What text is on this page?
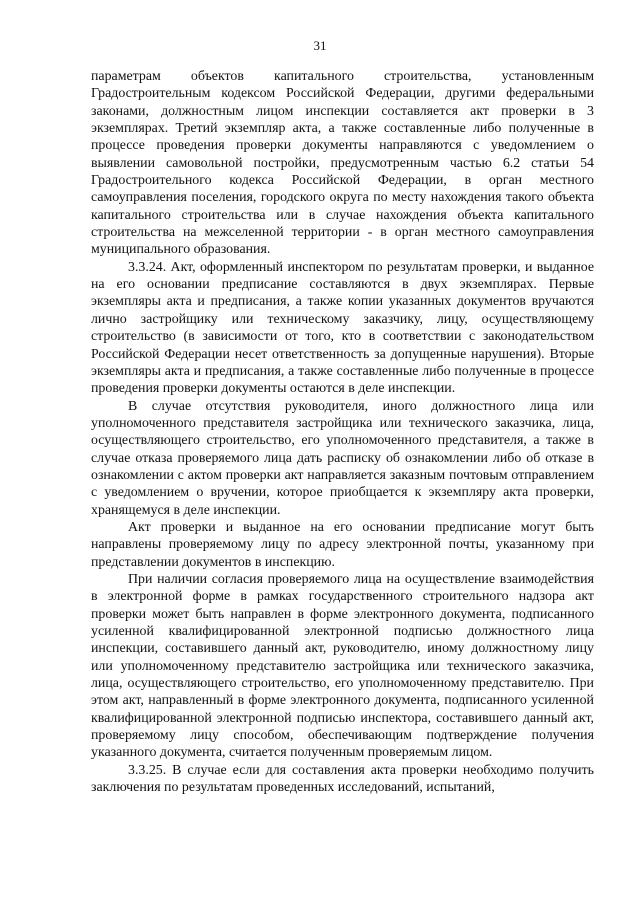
31

параметрам объектов капитального строительства, установленным Градостроительным кодексом Российской Федерации, другими федеральными законами, должностным лицом инспекции составляется акт проверки в 3 экземплярах. Третий экземпляр акта, а также составленные либо полученные в процессе проведения проверки документы направляются с уведомлением о выявлении самовольной постройки, предусмотренным частью 6.2 статьи 54 Градостроительного кодекса Российской Федерации, в орган местного самоуправления поселения, городского округа по месту нахождения такого объекта капитального строительства или в случае нахождения объекта капитального строительства на межселенной территории - в орган местного самоуправления муниципального образования.

3.3.24. Акт, оформленный инспектором по результатам проверки, и выданное на его основании предписание составляются в двух экземплярах. Первые экземпляры акта и предписания, а также копии указанных документов вручаются лично застройщику или техническому заказчику, лицу, осуществляющему строительство (в зависимости от того, кто в соответствии с законодательством Российской Федерации несет ответственность за допущенные нарушения). Вторые экземпляры акта и предписания, а также составленные либо полученные в процессе проведения проверки документы остаются в деле инспекции.

В случае отсутствия руководителя, иного должностного лица или уполномоченного представителя застройщика или технического заказчика, лица, осуществляющего строительство, его уполномоченного представителя, а также в случае отказа проверяемого лица дать расписку об ознакомлении либо об отказе в ознакомлении с актом проверки акт направляется заказным почтовым отправлением с уведомлением о вручении, которое приобщается к экземпляру акта проверки, хранящемуся в деле инспекции.

Акт проверки и выданное на его основании предписание могут быть направлены проверяемому лицу по адресу электронной почты, указанному при представлении документов в инспекцию.

При наличии согласия проверяемого лица на осуществление взаимодействия в электронной форме в рамках государственного строительного надзора акт проверки может быть направлен в форме электронного документа, подписанного усиленной квалифицированной электронной подписью должностного лица инспекции, составившего данный акт, руководителю, иному должностному лицу или уполномоченному представителю застройщика или технического заказчика, лица, осуществляющего строительство, его уполномоченному представителю. При этом акт, направленный в форме электронного документа, подписанного усиленной квалифицированной электронной подписью инспектора, составившего данный акт, проверяемому лицу способом, обеспечивающим подтверждение получения указанного документа, считается полученным проверяемым лицом.

3.3.25. В случае если для составления акта проверки необходимо получить заключения по результатам проведенных исследований, испытаний,
